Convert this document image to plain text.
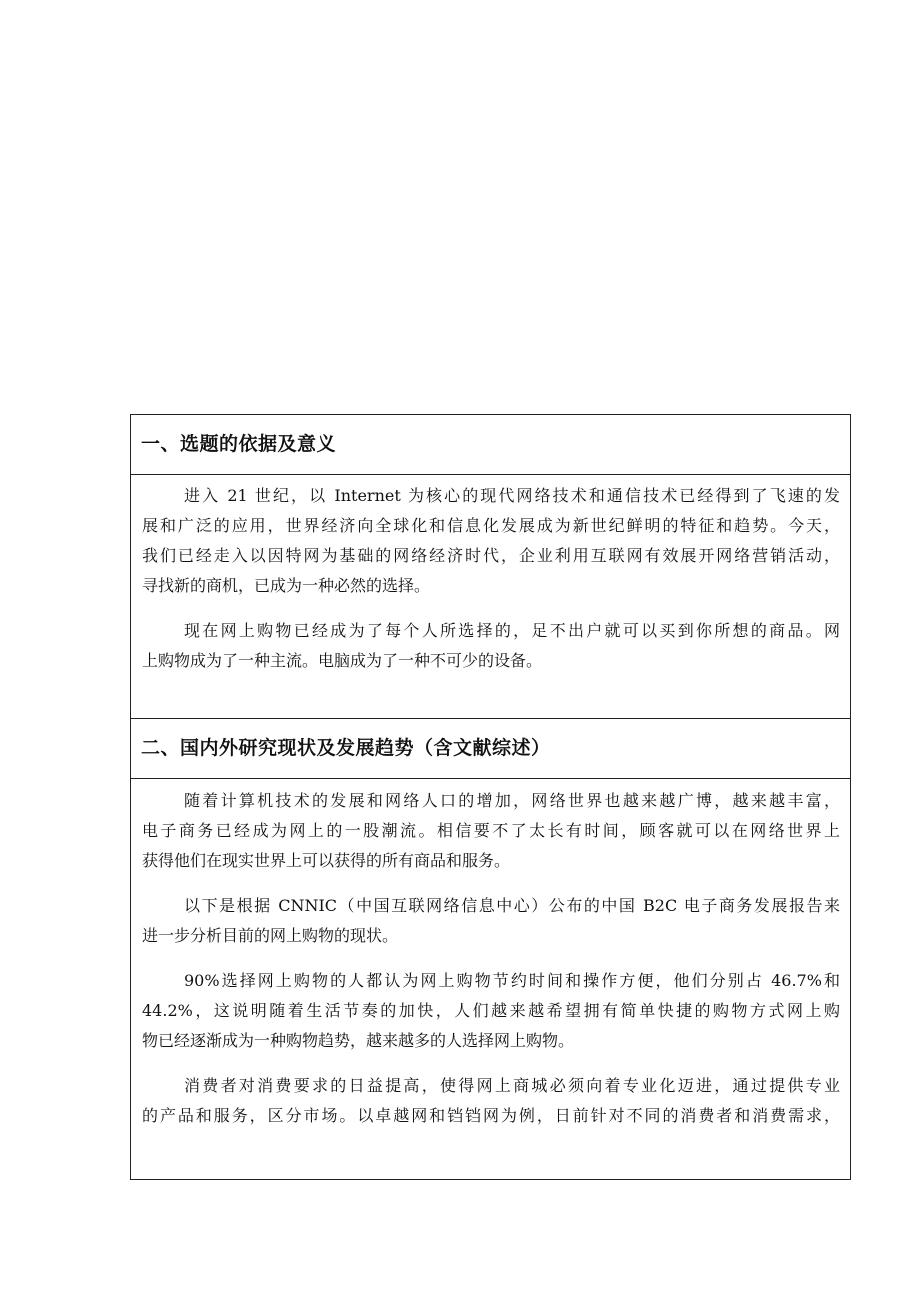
一、选题的依据及意义
进入 21 世纪，以 Internet 为核心的现代网络技术和通信技术已经得到了飞速的发
展和广泛的应用，世界经济向全球化和信息化发展成为新世纪鲜明的特征和趋势。今天，
我们已经走入以因特网为基础的网络经济时代，企业利用互联网有效展开网络营销活动，
寻找新的商机，已成为一种必然的选择。
现在网上购物已经成为了每个人所选择的，足不出户就可以买到你所想的商品。网
上购物成为了一种主流。电脑成为了一种不可少的设备。
二、国内外研究现状及发展趋势（含文献综述）
随着计算机技术的发展和网络人口的增加，网络世界也越来越广博，越来越丰富，
电子商务已经成为网上的一股潮流。相信要不了太长有时间，顾客就可以在网络世界上
获得他们在现实世界上可以获得的所有商品和服务。
以下是根据 CNNIC（中国互联网络信息中心）公布的中国 B2C 电子商务发展报告来
进一步分析目前的网上购物的现状。
90%选择网上购物的人都认为网上购物节约时间和操作方便，他们分别占 46.7%和
44.2%，这说明随着生活节奏的加快，人们越来越希望拥有简单快捷的购物方式网上购
物已经逐渐成为一种购物趋势，越来越多的人选择网上购物。
消费者对消费要求的日益提高，使得网上商城必须向着专业化迈进，通过提供专业
的产品和服务，区分市场。以卓越网和铛铛网为例，日前针对不同的消费者和消费需求，
